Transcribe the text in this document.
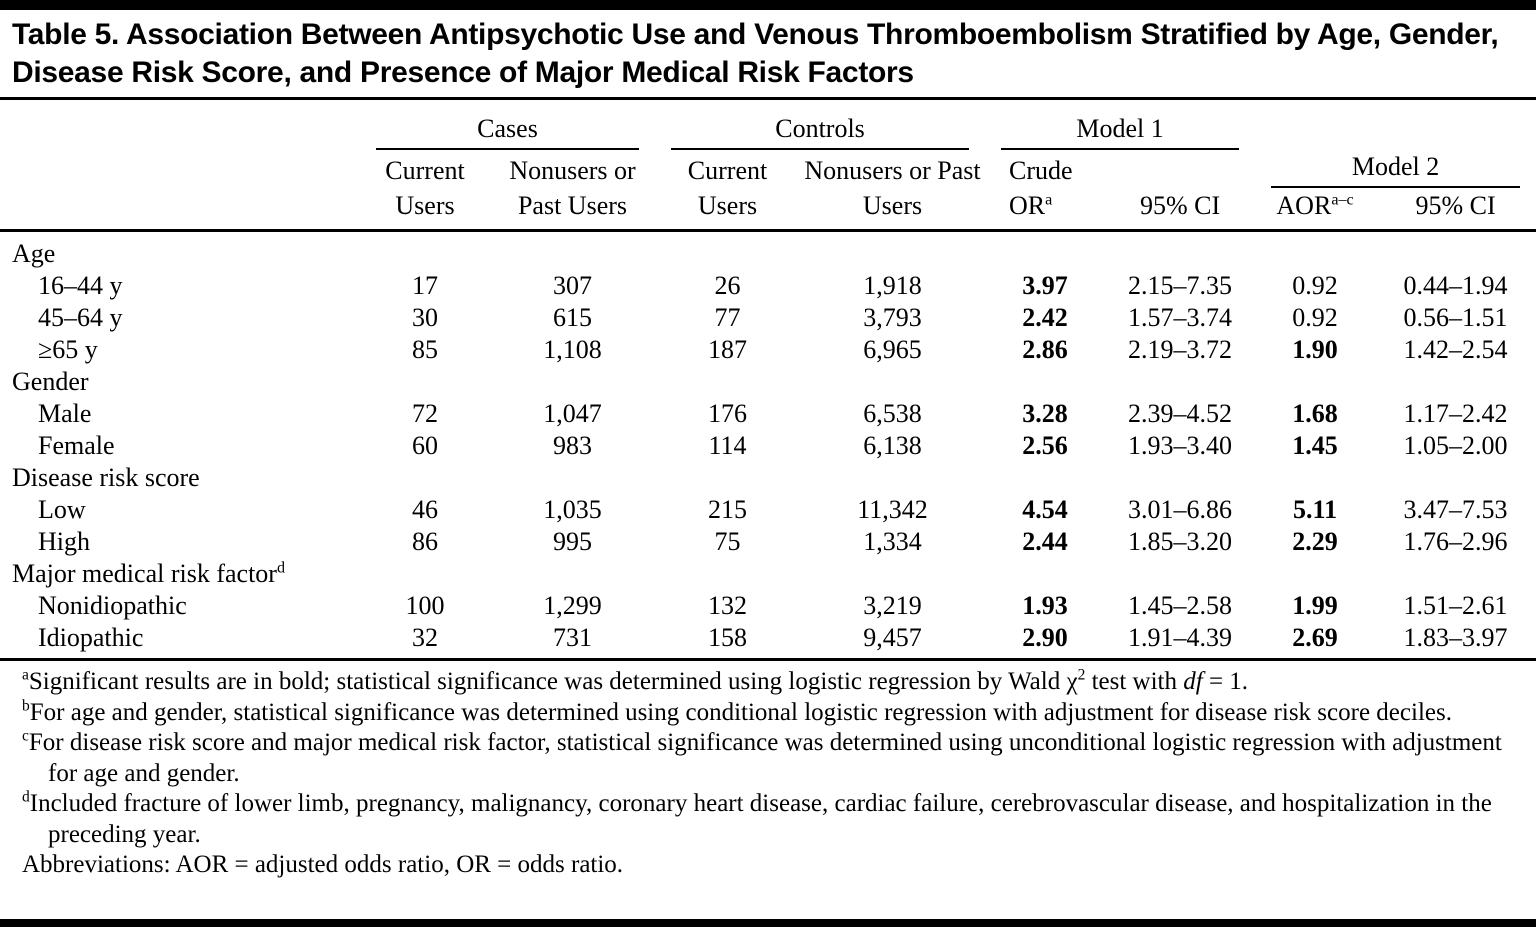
Table 5. Association Between Antipsychotic Use and Venous Thromboembolism Stratified by Age, Gender, Disease Risk Score, and Presence of Major Medical Risk Factors

	Cases		Controls		Model 1			

	Current Users	Nonusers or Past Users	Current Users	Nonusers or Past Users	Crude $OR^a$	95% CI	Model 2	

							AOR$^{a-c}$	95% CI

Age								
16–44 y	17	307	26	1,918	3.97	2.15–7.35	0.92	0.44–1.94
45–64 y	30	615	77	3,793	2.42	1.57–3.74	0.92	0.56–1.51
≥65 y	85	1,108	187	6,965	2.86	2.19–3.72	1.90	1.42–2.54
Gender								
Male	72	1,047	176	6,538	3.28	2.39–4.52	1.68	1.17–2.42
Female	60	983	114	6,138	2.56	1.93–3.40	1.45	1.05–2.00
Disease risk score								
Low	46	1,035	215	11,342	4.54	3.01–6.86	5.11	3.47–7.53
High	86	995	75	1,334	2.44	1.85–3.20	2.29	1.76–2.96
Major medical risk factor$^d$
Nonidiopathic	100	1,299	132	3,219	1.93	1.45–2.58	1.99	1.51–2.61
Idiopathic	32	731	158	9,457	2.90	1.91–4.39	2.69	1.83–3.97

$^a$Significant results are in bold; statistical significance was determined using logistic regression by Wald $\chi^2$ test with df = 1.

$^b$For age and gender, statistical significance was determined using conditional logistic regression with adjustment for disease risk score deciles.

$^c$For disease risk score and major medical risk factor, statistical significance was determined using unconditional logistic regression with adjustment for age and gender.

$^d$Included fracture of lower limb, pregnancy, malignancy, coronary heart disease, cardiac failure, cerebrovascular disease, and hospitalization in the preceding year.

Abbreviations: AOR = adjusted odds ratio, OR = odds ratio.
